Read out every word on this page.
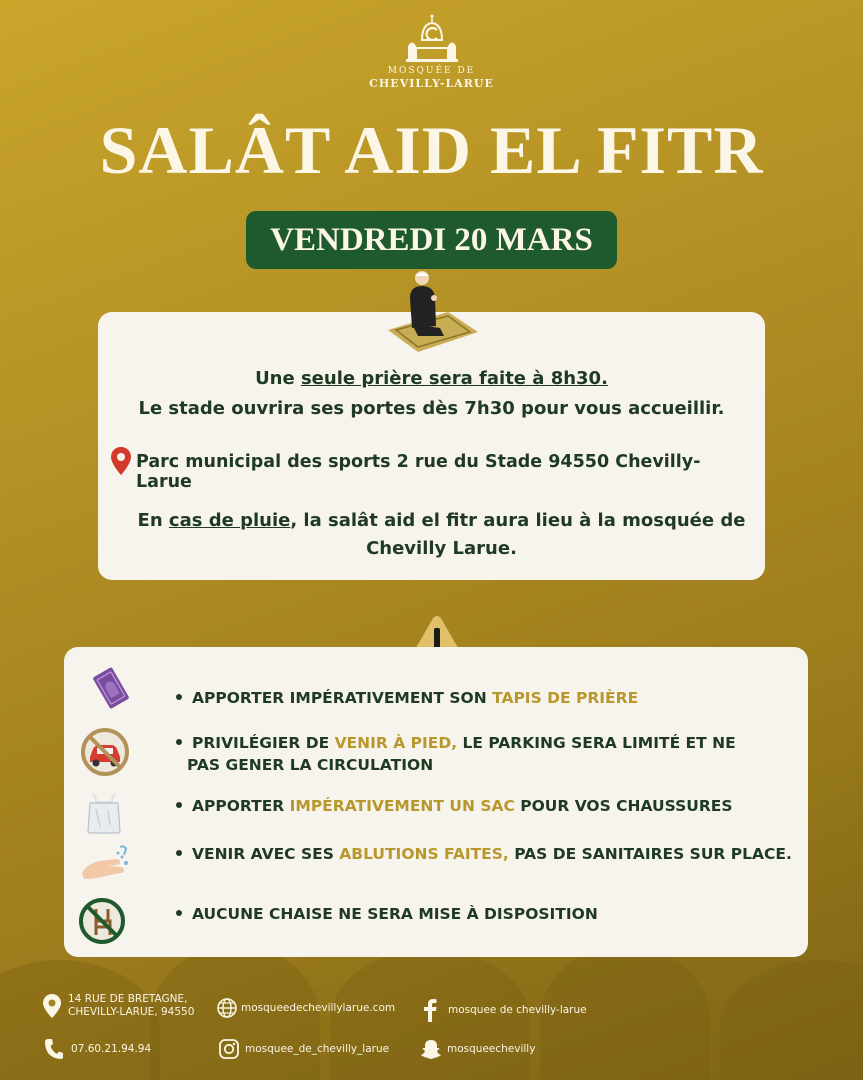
MOSQUÉE DE
CHEVILLY-LARUE
SALÂT AID EL FITR
VENDREDI 20 MARS
Une seule prière sera faite à 8h30.
Le stade ouvrira ses portes dès 7h30 pour vous accueillir.
Parc municipal des sports 2 rue du Stade 94550 Chevilly-Larue
En cas de pluie, la salât aid el fitr aura lieu à la mosquée de
Chevilly Larue.
APPORTER IMPÉRATIVEMENT SON TAPIS DE PRIÈRE
PRIVILÉGIER DE VENIR À PIED, LE PARKING SERA LIMITÉ ET NE
PAS GENER LA CIRCULATION
APPORTER IMPÉRATIVEMENT UN SAC POUR VOS CHAUSSURES
VENIR AVEC SES ABLUTIONS FAITES, PAS DE SANITAIRES SUR PLACE.
AUCUNE CHAISE NE SERA MISE À DISPOSITION
14 RUE DE BRETAGNE,
CHEVILLY-LARUE, 94550	mosqueedechevillylarue.com	mosquee de chevilly-larue
07.60.21.94.94	mosquee_de_chevilly_larue	mosqueechevilly
